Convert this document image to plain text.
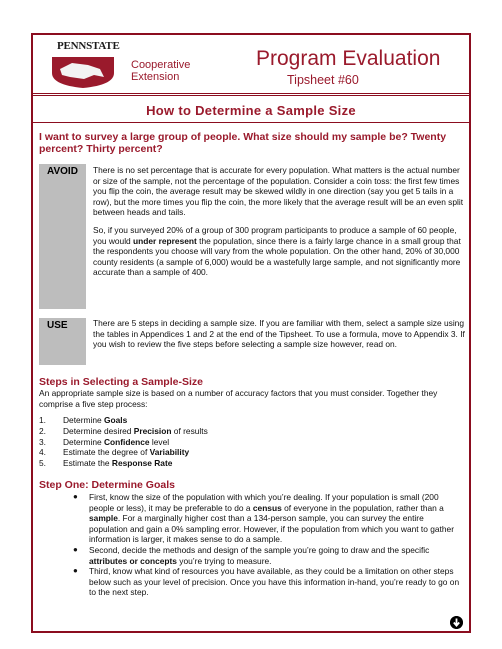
PENNSTATE
Cooperative
Extension
Program Evaluation
Tipsheet #60
How to Determine a Sample Size
I want to survey a large group of people. What size should my sample be? Twenty percent? Thirty percent?
AVOID	There is no set percentage that is accurate for every population. What matters is the actual number or size of the sample, not the percentage of the population. Consider a coin toss: the first few times you flip the coin, the average result may be skewed wildly in one direction (say you get 5 tails in a row), but the more times you flip the coin, the more likely that the average result will be an even split between heads and tails.
So, if you surveyed 20% of a group of 300 program participants to produce a sample of 60 people, you would under represent the population, since there is a fairly large chance in a small group that the respondents you choose will vary from the whole population. On the other hand, 20% of 30,000 county residents (a sample of 6,000) would be a wastefully large sample, and not significantly more accurate than a sample of 400.
USE	There are 5 steps in deciding a sample size. If you are familiar with them, select a sample size using the tables in Appendices 1 and 2 at the end of the Tipsheet. To use a formula, move to Appendix 3. If you wish to review the five steps before selecting a sample size however, read on.
Steps in Selecting a Sample-Size
An appropriate sample size is based on a number of accuracy factors that you must consider. Together they comprise a five step process:
1. Determine Goals
2. Determine desired Precision of results
3. Determine Confidence level
4. Estimate the degree of Variability
5. Estimate the Response Rate
Step One: Determine Goals
● First, know the size of the population with which you’re dealing. If your population is small (200 people or less), it may be preferable to do a census of everyone in the population, rather than a sample. For a marginally higher cost than a 134-person sample, you can survey the entire population and gain a 0% sampling error. However, if the population from which you want to gather information is larger, it makes sense to do a sample.
● Second, decide the methods and design of the sample you’re going to draw and the specific attributes or concepts you’re trying to measure.
● Third, know what kind of resources you have available, as they could be a limitation on other steps below such as your level of precision. Once you have this information in-hand, you’re ready to go on to the next step.
